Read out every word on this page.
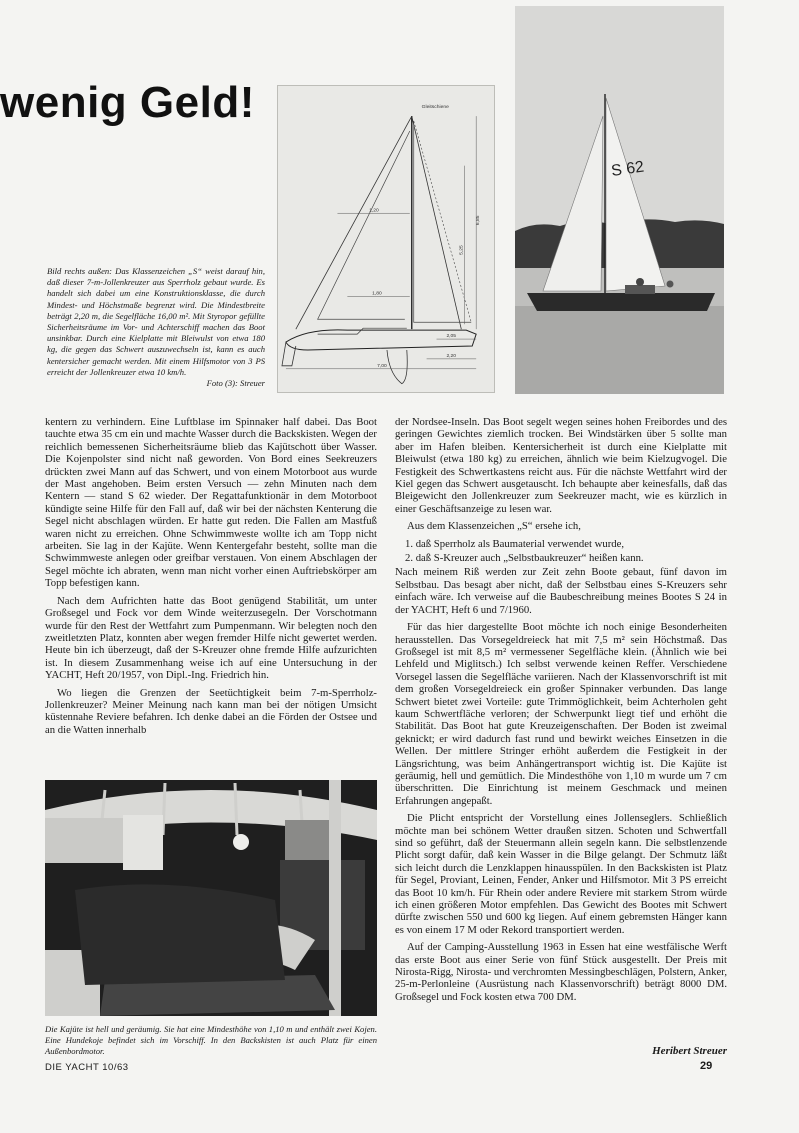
wenig Geld!
Bild rechts außen: Das Klassenzeichen „S“ weist darauf hin, daß dieser 7-m-Jollenkreuzer aus Sperrholz gebaut wurde. Es handelt sich dabei um eine Konstruktionsklasse, die durch Mindest- und Höchstmaße begrenzt wird. Die Mindestbreite beträgt 2,20 m, die Segelfläche 16,00 m². Mit Styropor gefüllte Sicherheitsräume im Vor- und Achterschiff machen das Boot unsinkbar. Durch eine Kielplatte mit Bleiwulst von etwa 180 kg, die gegen das Schwert auszuwechseln ist, kann es auch kentersicher gemacht werden. Mit einem Hilfsmotor von 3 PS erreicht der Jollenkreuzer etwa 10 km/h.
Foto (3): Streuer
Gleitschiene
7,00
2,20
1,20
1,80
2,05
6,85
5,25
S 62

kentern zu verhindern. Eine Luftblase im Spinnaker half dabei. Das Boot tauchte etwa 35 cm ein und machte Wasser durch die Backskisten. Wegen der reichlich bemessenen Sicherheitsräume blieb das Kajütschott über Wasser. Die Kojenpolster sind nicht naß geworden. Von Bord eines Seekreuzers drückten zwei Mann auf das Schwert, und von einem Motorboot aus wurde der Mast angehoben. Beim ersten Versuch — zehn Minuten nach dem Kentern — stand S 62 wieder. Der Regattafunktionär in dem Motorboot kündigte seine Hilfe für den Fall auf, daß wir bei der nächsten Kenterung die Segel nicht abschlagen würden. Er hatte gut reden. Die Fallen am Mastfuß waren nicht zu erreichen. Ohne Schwimmweste wollte ich am Topp nicht arbeiten. Sie lag in der Kajüte. Wenn Kentergefahr besteht, sollte man die Schwimmweste anlegen oder greifbar verstauen. Von einem Abschlagen der Segel möchte ich abraten, wenn man nicht vorher einen Auftriebskörper am Topp befestigen kann.

Nach dem Aufrichten hatte das Boot genügend Stabilität, um unter Großsegel und Fock vor dem Winde weiterzusegeln. Der Vorschotmann wurde für den Rest der Wettfahrt zum Pumpenmann. Wir belegten noch den zweitletzten Platz, konnten aber wegen fremder Hilfe nicht gewertet werden. Heute bin ich überzeugt, daß der S-Kreuzer ohne fremde Hilfe aufzurichten ist. In diesem Zusammenhang weise ich auf eine Untersuchung in der YACHT, Heft 20/1957, von Dipl.-Ing. Friedrich hin.

Wo liegen die Grenzen der Seetüchtigkeit beim 7-m-Sperrholz-Jollenkreuzer? Meiner Meinung nach kann man bei der nötigen Umsicht küstennahe Reviere befahren. Ich denke dabei an die Förden der Ostsee und an die Watten innerhalb

Die Kajüte ist hell und geräumig. Sie hat eine Mindesthöhe von 1,10 m und enthält zwei Kojen. Eine Hundekoje befindet sich im Vorschiff. In den Backskisten ist auch Platz für einen Außenbordmotor.

der Nordsee-Inseln. Das Boot segelt wegen seines hohen Freibordes und des geringen Gewichtes ziemlich trocken. Bei Windstärken über 5 sollte man aber im Hafen bleiben. Kentersicherheit ist durch eine Kielplatte mit Bleiwulst (etwa 180 kg) zu erreichen, ähnlich wie beim Kielzugvogel. Die Festigkeit des Schwertkastens reicht aus. Für die nächste Wettfahrt wird der Kiel gegen das Schwert ausgetauscht. Ich behaupte aber keinesfalls, daß das Bleigewicht den Jollenkreuzer zum Seekreuzer macht, wie es kürzlich in einer Geschäftsanzeige zu lesen war.

Aus dem Klassenzeichen „S“ ersehe ich,

1. daß Sperrholz als Baumaterial verwendet wurde,

2. daß S-Kreuzer auch „Selbstbaukreuzer“ heißen kann.

Nach meinem Riß werden zur Zeit zehn Boote gebaut, fünf davon im Selbstbau. Das besagt aber nicht, daß der Selbstbau eines S-Kreuzers sehr einfach wäre. Ich verweise auf die Baubeschreibung meines Bootes S 24 in der YACHT, Heft 6 und 7/1960.

Für das hier dargestellte Boot möchte ich noch einige Besonderheiten herausstellen. Das Vorsegeldreieck hat mit 7,5 m² sein Höchstmaß. Das Großsegel ist mit 8,5 m² vermessener Segelfläche klein. (Ähnlich wie bei Lehfeld und Miglitsch.) Ich selbst verwende keinen Reffer. Verschiedene Vorsegel lassen die Segelfläche variieren. Nach der Klassenvorschrift ist mit dem großen Vorsegeldreieck ein großer Spinnaker verbunden. Das lange Schwert bietet zwei Vorteile: gute Trimmöglichkeit, beim Achterholen geht kaum Schwertfläche verloren; der Schwerpunkt liegt tief und erhöht die Stabilität. Das Boot hat gute Kreuzeigenschaften. Der Boden ist zweimal geknickt; er wird dadurch fast rund und bewirkt weiches Einsetzen in die Wellen. Der mittlere Stringer erhöht außerdem die Festigkeit in der Längsrichtung, was beim Anhängertransport wichtig ist. Die Kajüte ist geräumig, hell und gemütlich. Die Mindesthöhe von 1,10 m wurde um 7 cm überschritten. Die Einrichtung ist meinem Geschmack und meinen Erfahrungen angepaßt.

Die Plicht entspricht der Vorstellung eines Jollenseglers. Schließlich möchte man bei schönem Wetter draußen sitzen. Schoten und Schwertfall sind so geführt, daß der Steuermann allein segeln kann. Die selbstlenzende Plicht sorgt dafür, daß kein Wasser in die Bilge gelangt. Der Schmutz läßt sich leicht durch die Lenzklappen hinausspülen. In den Backskisten ist Platz für Segel, Proviant, Leinen, Fender, Anker und Hilfsmotor. Mit 3 PS erreicht das Boot 10 km/h. Für Rhein oder andere Reviere mit starkem Strom würde ich einen größeren Motor empfehlen. Das Gewicht des Bootes mit Schwert dürfte zwischen 550 und 600 kg liegen. Auf einem gebremsten Hänger kann es von einem 17 M oder Rekord transportiert werden.

Auf der Camping-Ausstellung 1963 in Essen hat eine westfälische Werft das erste Boot aus einer Serie von fünf Stück ausgestellt. Der Preis mit Nirosta-Rigg, Nirosta- und verchromten Messingbeschlägen, Polstern, Anker, 25-m-Perlonleine (Ausrüstung nach Klassenvorschrift) beträgt 8000 DM. Großsegel und Fock kosten etwa 700 DM.

Heribert Streuer
DIE YACHT 10/63	29
